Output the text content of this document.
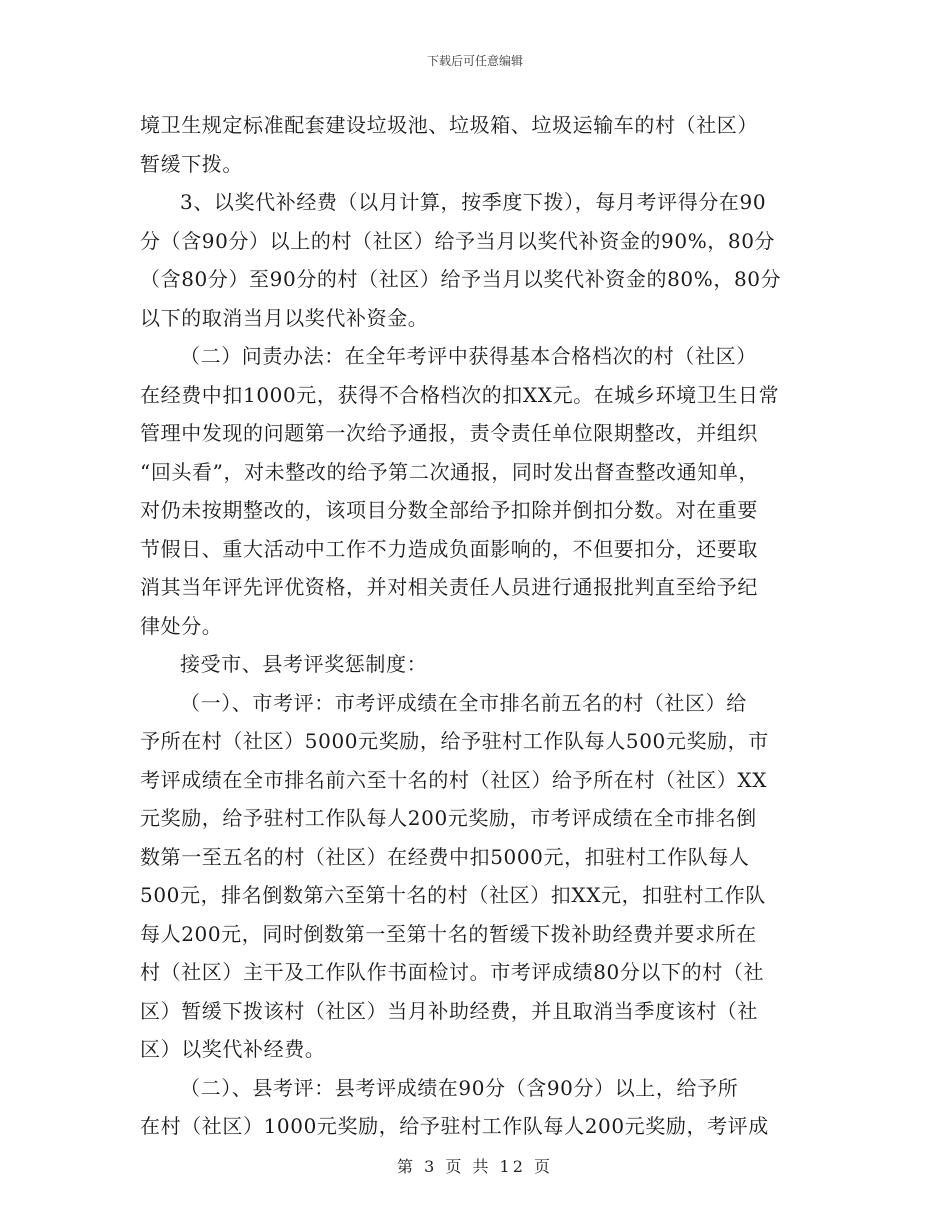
下载后可任意编辑
境卫生规定标准配套建设垃圾池、垃圾箱、垃圾运输车的村（社区）
暂缓下拨。
3、以奖代补经费（以月计算，按季度下拨），每月考评得分在90
分（含90分）以上的村（社区）给予当月以奖代补资金的90%，80分
（含80分）至90分的村（社区）给予当月以奖代补资金的80%，80分
以下的取消当月以奖代补资金。
（二）问责办法：在全年考评中获得基本合格档次的村（社区）
在经费中扣1000元，获得不合格档次的扣XX元。在城乡环境卫生日常
管理中发现的问题第一次给予通报，责令责任单位限期整改，并组织
“回头看”，对未整改的给予第二次通报，同时发出督查整改通知单，
对仍未按期整改的，该项目分数全部给予扣除并倒扣分数。对在重要
节假日、重大活动中工作不力造成负面影响的，不但要扣分，还要取
消其当年评先评优资格，并对相关责任人员进行通报批判直至给予纪
律处分。
接受市、县考评奖惩制度：
（一）、市考评：市考评成绩在全市排名前五名的村（社区）给
予所在村（社区）5000元奖励，给予驻村工作队每人500元奖励，市
考评成绩在全市排名前六至十名的村（社区）给予所在村（社区）XX
元奖励，给予驻村工作队每人200元奖励，市考评成绩在全市排名倒
数第一至五名的村（社区）在经费中扣5000元，扣驻村工作队每人
500元，排名倒数第六至第十名的村（社区）扣XX元，扣驻村工作队
每人200元，同时倒数第一至第十名的暂缓下拨补助经费并要求所在
村（社区）主干及工作队作书面检讨。市考评成绩80分以下的村（社
区）暂缓下拨该村（社区）当月补助经费，并且取消当季度该村（社
区）以奖代补经费。
（二）、县考评：县考评成绩在90分（含90分）以上，给予所
在村（社区）1000元奖励，给予驻村工作队每人200元奖励，考评成
第 3 页 共 12 页
